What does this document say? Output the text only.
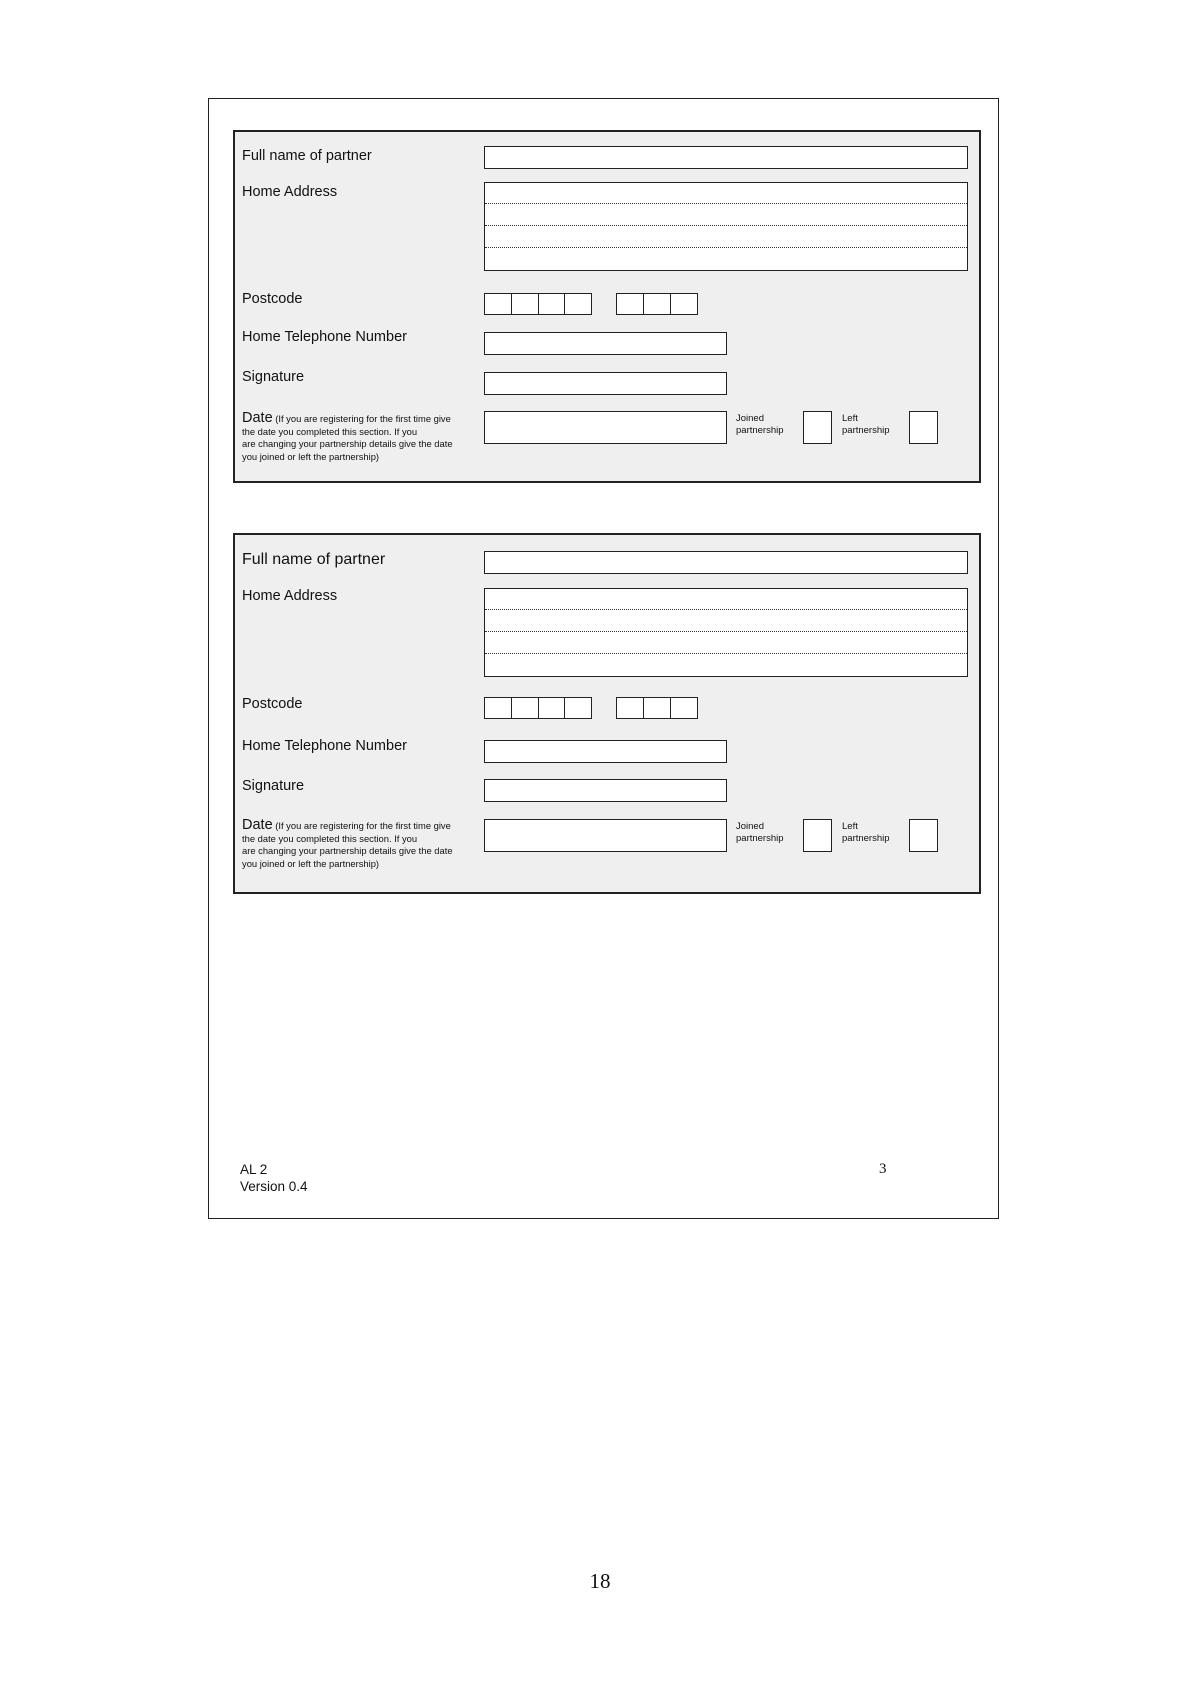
Full name of partner
Home Address
Postcode
Home Telephone Number
Signature
Date (If you are registering for the first time give
the date you completed this section. If you
are changing your partnership details give the date
you joined or left the partnership)
Joined
partnership
Left
partnership
Full name of partner
Home Address
Postcode
Home Telephone Number
Signature
Date (If you are registering for the first time give
the date you completed this section. If you
are changing your partnership details give the date
you joined or left the partnership)
Joined
partnership
Left
partnership
AL 2
Version 0.4
3
18
